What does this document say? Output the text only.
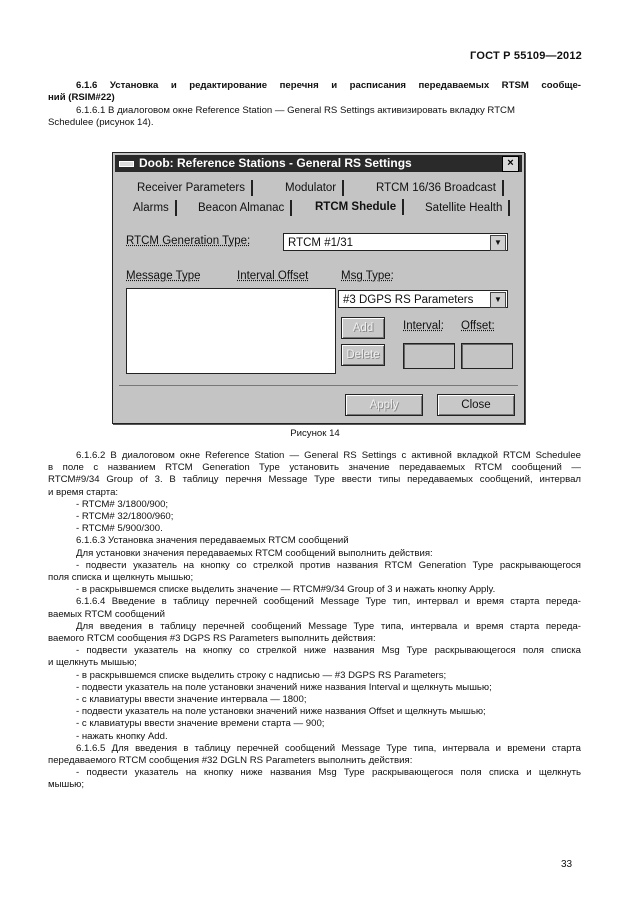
ГОСТ Р 55109—2012
6.1.6 Установка и редактирование перечня и расписания передаваемых RTSM сообще-
ний (RSIM#22)
6.1.6.1 В диалоговом окне Reference Station — General RS Settings активизировать вкладку RTCM
Schedulee (рисунок 14).
Doob: Reference Stations - General RS Settings	×
Receiver Parameters	Modulator	RTCM 16/36 Broadcast
Alarms	Beacon Almanac	RTCM Shedule	Satellite Health
RTCM Generation Type:	RTCM #1/31	▼
Message Type	Interval Offset	Msg Type:
#3 DGPS RS Parameters	▼
Add	Interval: Offset:
Delete
Apply	Close
Рисунок 14
6.1.6.2 В диалоговом окне Reference Station — General RS Settings с активной вкладкой RTCM Schedulee
в поле с названием RTCM Generation Type установить значение передаваемых RTCM сообщений —
RTCM#9/34 Group of 3. В таблицу перечня Message Type ввести типы передаваемых сообщений, интервал
и время старта:
- RTCM# 3/1800/900;
- RTCM# 32/1800/960;
- RTCM# 5/900/300.
6.1.6.3 Установка значения передаваемых RTCM сообщений
Для установки значения передаваемых RTCM сообщений выполнить действия:
- подвести указатель на кнопку со стрелкой против названия RTCM Generation Type раскрывающегося
поля списка и щелкнуть мышью;
- в раскрывшемся списке выделить значение — RTCM#9/34 Group of 3 и нажать кнопку Apply.
6.1.6.4 Введение в таблицу перечней сообщений Message Type тип, интервал и время старта переда-
ваемых RTCM сообщений
Для введения в таблицу перечней сообщений Message Type типа, интервала и время старта переда-
ваемого RTCM сообщения #3 DGPS RS Parameters выполнить действия:
- подвести указатель на кнопку со стрелкой ниже названия Msg Type раскрывающегося поля списка
и щелкнуть мышью;
- в раскрывшемся списке выделить строку с надписью — #3 DGPS RS Parameters;
- подвести указатель на поле установки значений ниже названия Interval и щелкнуть мышью;
- с клавиатуры ввести значение интервала — 1800;
- подвести указатель на поле установки значений ниже названия Offset и щелкнуть мышью;
- с клавиатуры ввести значение времени старта — 900;
- нажать кнопку Add.
6.1.6.5 Для введения в таблицу перечней сообщений Message Type типа, интервала и времени старта
передаваемого RTCM сообщения #32 DGLN RS Parameters выполнить действия:
- подвести указатель на кнопку ниже названия Msg Type раскрывающегося поля списка и щелкнуть
мышью;
33
